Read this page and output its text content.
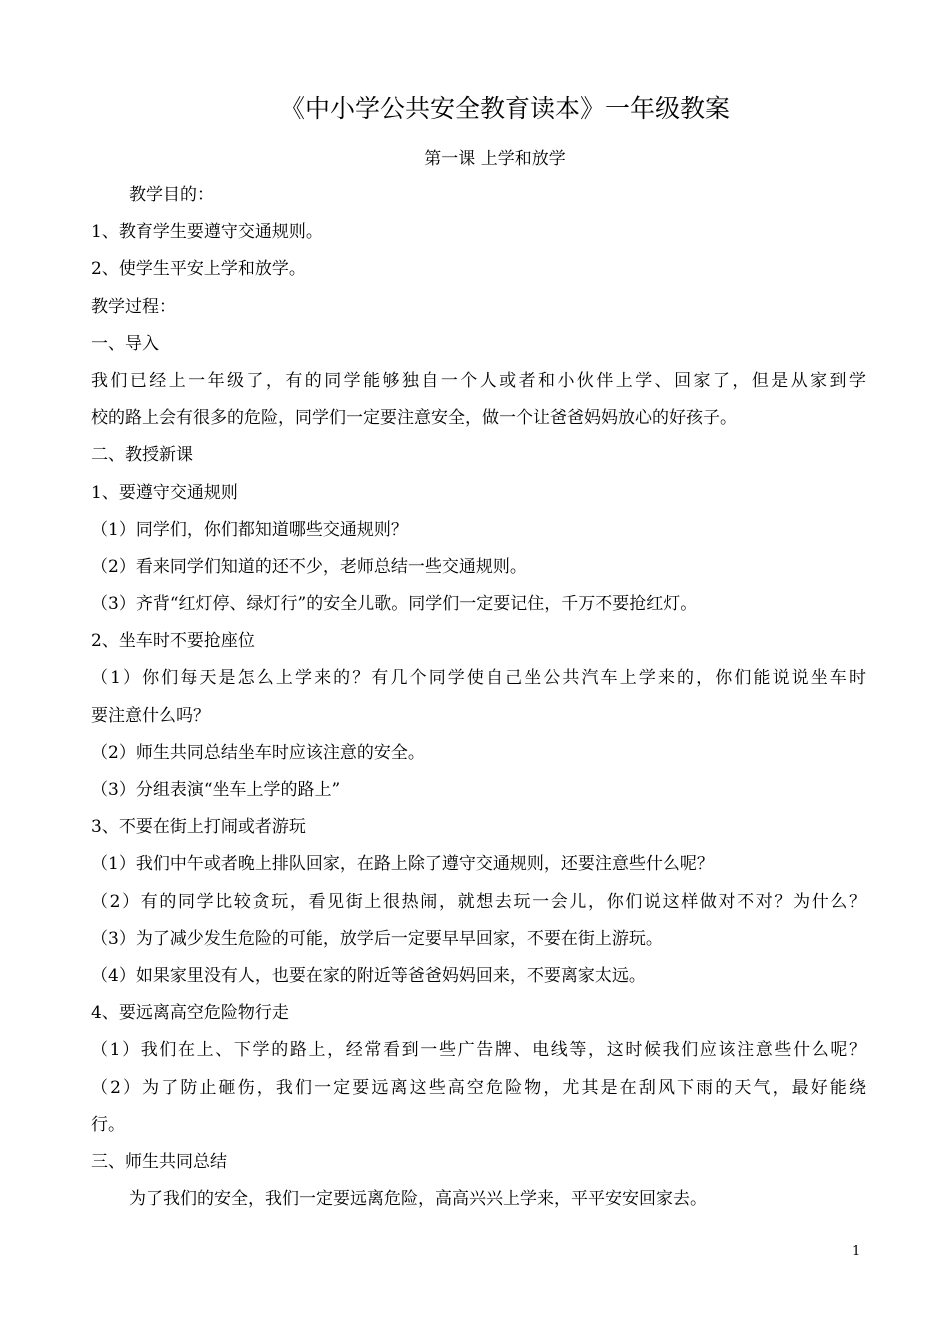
《中小学公共安全教育读本》一年级教案
第一课 上学和放学
教学目的：
1、教育学生要遵守交通规则。
2、使学生平安上学和放学。
教学过程：
一、导入
我们已经上一年级了，有的同学能够独自一个人或者和小伙伴上学、回家了，但是从家到学
校的路上会有很多的危险，同学们一定要注意安全，做一个让爸爸妈妈放心的好孩子。
二、教授新课
1、要遵守交通规则
（1）同学们，你们都知道哪些交通规则？
（2）看来同学们知道的还不少，老师总结一些交通规则。
（3）齐背“红灯停、绿灯行”的安全儿歌。同学们一定要记住，千万不要抢红灯。
2、坐车时不要抢座位
（1）你们每天是怎么上学来的？有几个同学使自己坐公共汽车上学来的，你们能说说坐车时
要注意什么吗？
（2）师生共同总结坐车时应该注意的安全。
（3）分组表演“坐车上学的路上”
3、不要在街上打闹或者游玩
（1）我们中午或者晚上排队回家，在路上除了遵守交通规则，还要注意些什么呢？
（2）有的同学比较贪玩，看见街上很热闹，就想去玩一会儿，你们说这样做对不对？为什么？
（3）为了减少发生危险的可能，放学后一定要早早回家，不要在街上游玩。
（4）如果家里没有人，也要在家的附近等爸爸妈妈回来，不要离家太远。
4、要远离高空危险物行走
（1）我们在上、下学的路上，经常看到一些广告牌、电线等，这时候我们应该注意些什么呢？
（2）为了防止砸伤，我们一定要远离这些高空危险物，尤其是在刮风下雨的天气，最好能绕
行。
三、师生共同总结
为了我们的安全，我们一定要远离危险，高高兴兴上学来，平平安安回家去。
1
